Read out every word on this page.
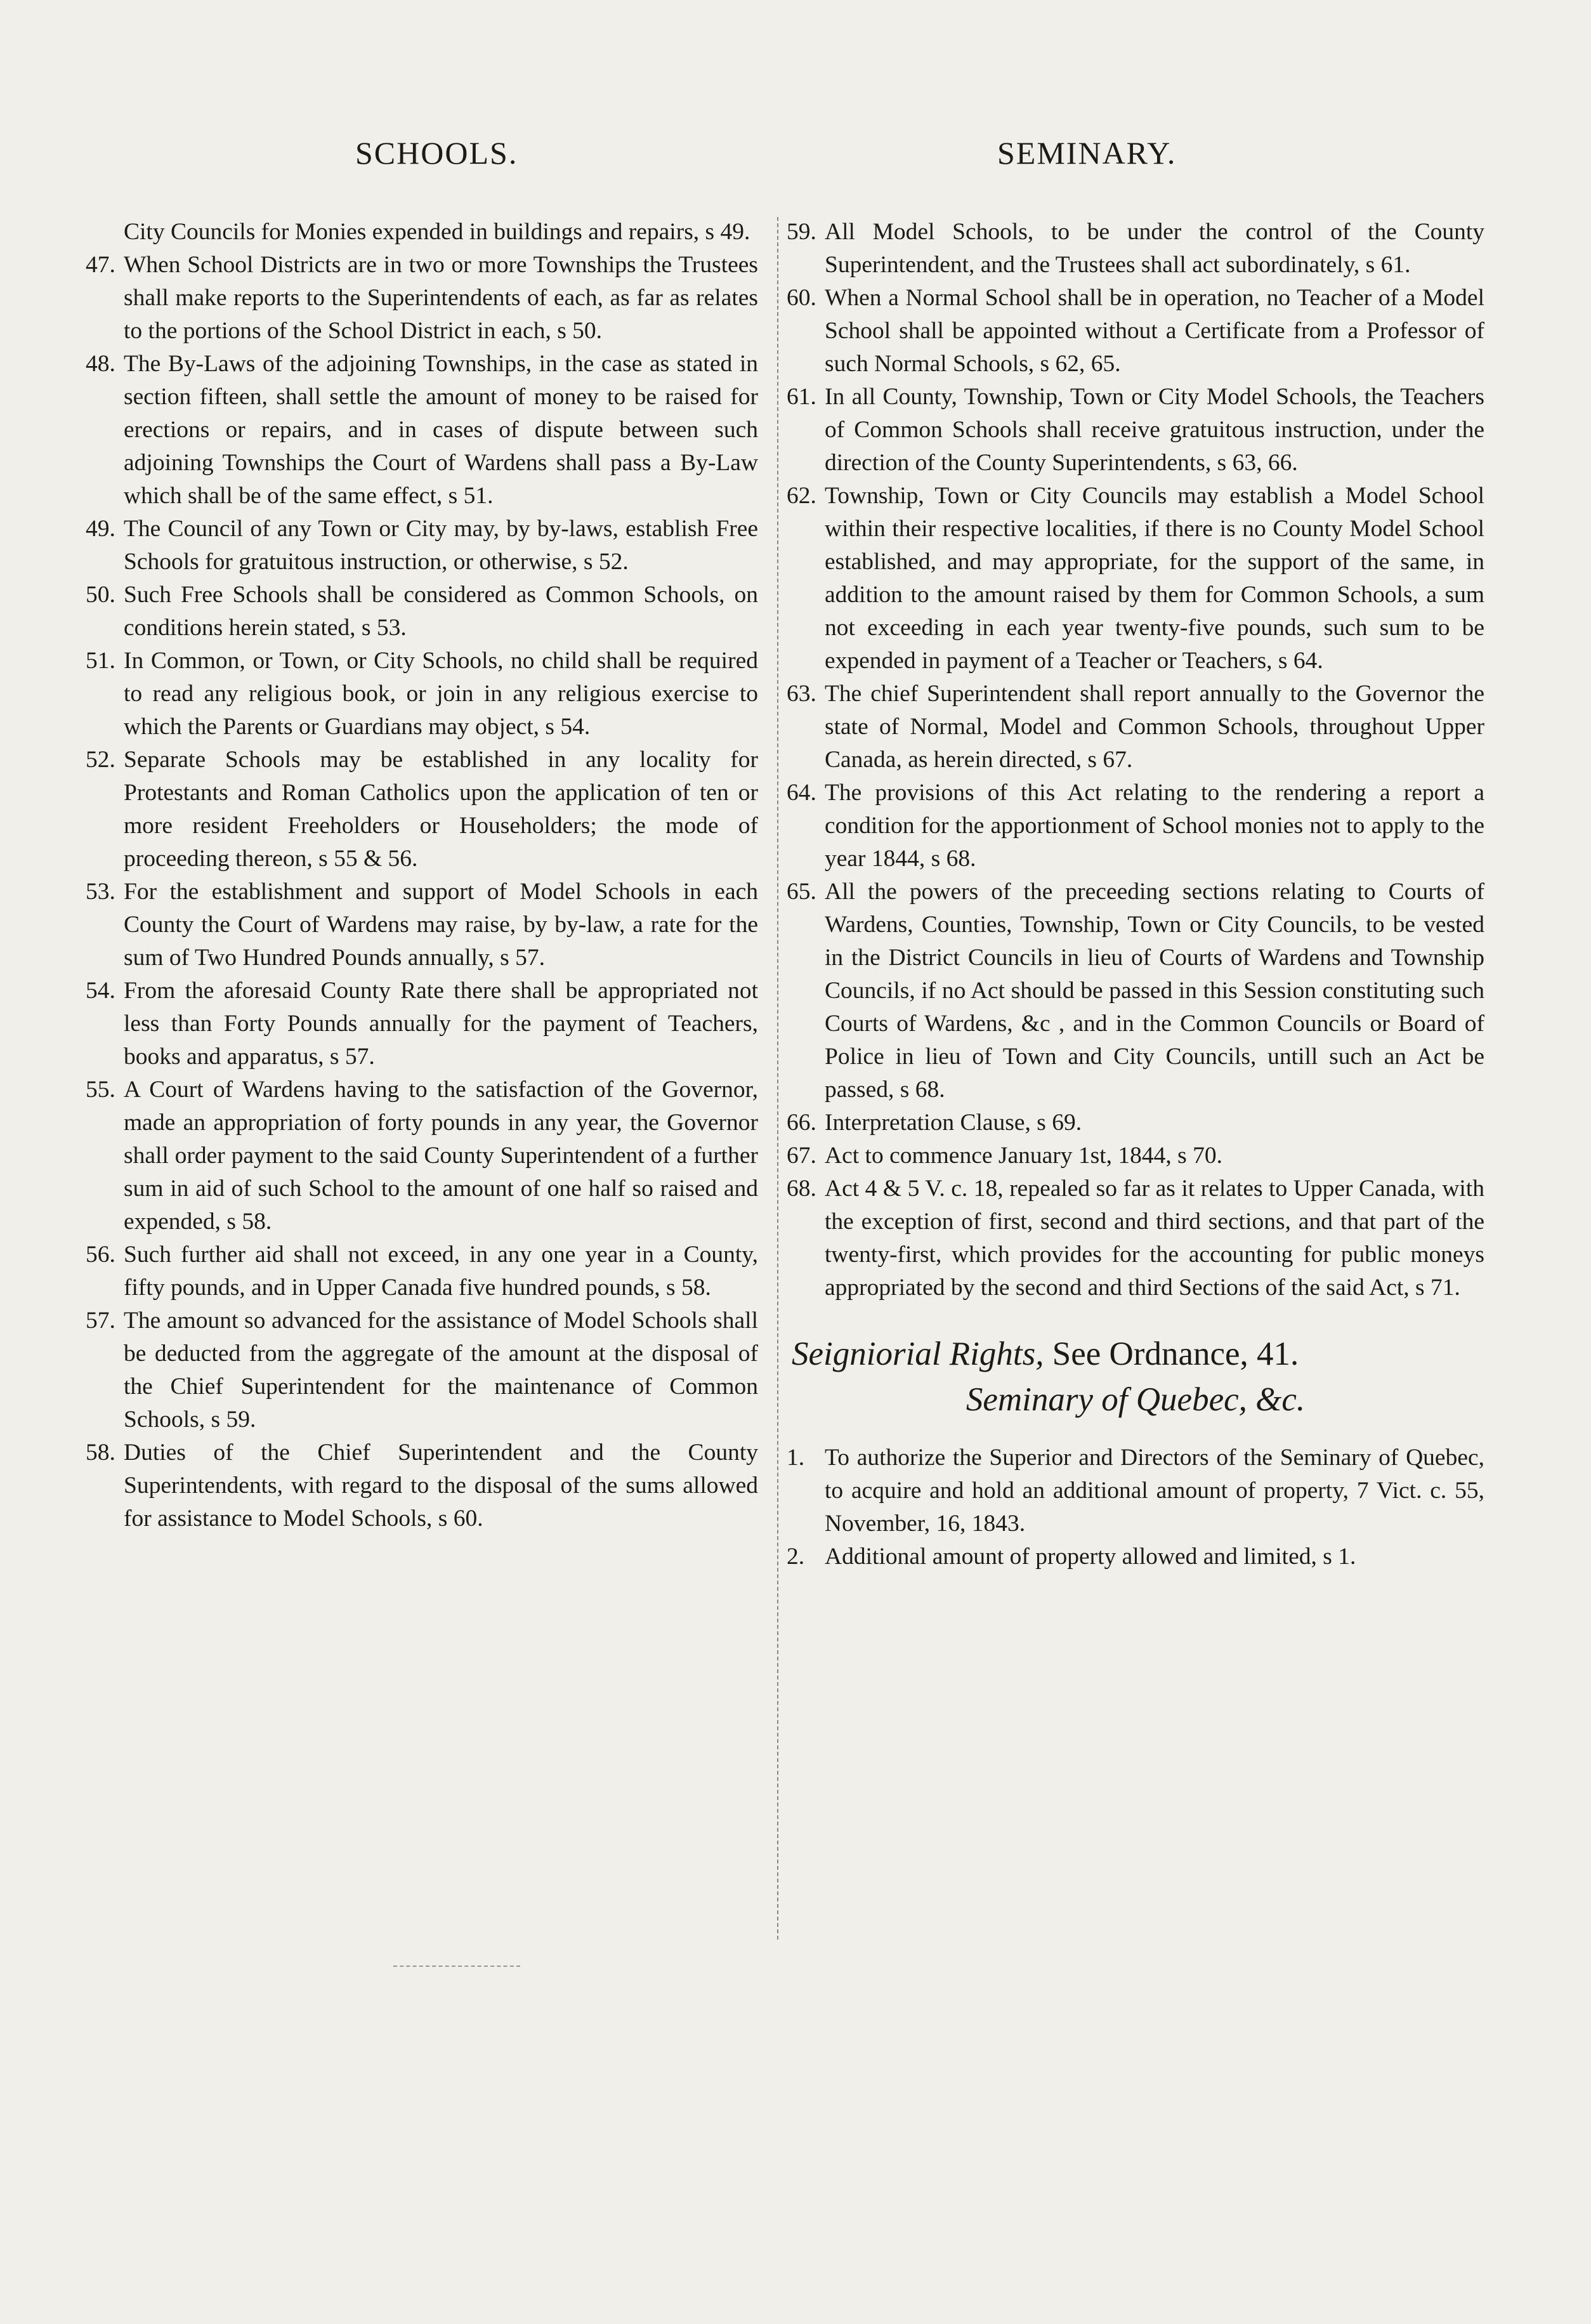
SCHOOLS.	SEMINARY.

City Councils for Monies expended in buildings and repairs, s 49.

47. When School Districts are in two or more Townships the Trustees shall make reports to the Superintendents of each, as far as relates to the portions of the School District in each, s 50.

48. The By-Laws of the adjoining Townships, in the case as stated in section fifteen, shall settle the amount of money to be raised for erections or repairs, and in cases of dispute between such adjoining Townships the Court of Wardens shall pass a By-Law which shall be of the same effect, s 51.

49. The Council of any Town or City may, by by-laws, establish Free Schools for gratuitous instruction, or otherwise, s 52.

50. Such Free Schools shall be considered as Common Schools, on conditions herein stated, s 53.

51. In Common, or Town, or City Schools, no child shall be required to read any religious book, or join in any religious exercise to which the Parents or Guardians may object, s 54.

52. Separate Schools may be established in any locality for Protestants and Roman Catholics upon the application of ten or more resident Freeholders or Householders; the mode of proceeding thereon, s 55 & 56.

53. For the establishment and support of Model Schools in each County the Court of Wardens may raise, by by-law, a rate for the sum of Two Hundred Pounds annually, s 57.

54. From the aforesaid County Rate there shall be appropriated not less than Forty Pounds annually for the payment of Teachers, books and apparatus, s 57.

55. A Court of Wardens having to the satisfaction of the Governor, made an appropriation of forty pounds in any year, the Governor shall order payment to the said County Superintendent of a further sum in aid of such School to the amount of one half so raised and expended, s 58.

56. Such further aid shall not exceed, in any one year in a County, fifty pounds, and in Upper Canada five hundred pounds, s 58.

57. The amount so advanced for the assistance of Model Schools shall be deducted from the aggregate of the amount at the disposal of the Chief Superintendent for the maintenance of Common Schools, s 59.

58. Duties of the Chief Superintendent and the County Superintendents, with regard to the disposal of the sums allowed for assistance to Model Schools, s 60.

59. All Model Schools, to be under the control of the County Superintendent, and the Trustees shall act subordinately, s 61.

60. When a Normal School shall be in operation, no Teacher of a Model School shall be appointed without a Certificate from a Professor of such Normal Schools, s 62, 65.

61. In all County, Township, Town or City Model Schools, the Teachers of Common Schools shall receive gratuitous instruction, under the direction of the County Superintendents, s 63, 66.

62. Township, Town or City Councils may establish a Model School within their respective localities, if there is no County Model School established, and may appropriate, for the support of the same, in addition to the amount raised by them for Common Schools, a sum not exceeding in each year twenty-five pounds, such sum to be expended in payment of a Teacher or Teachers, s 64.

63. The chief Superintendent shall report annually to the Governor the state of Normal, Model and Common Schools, throughout Upper Canada, as herein directed, s 67.

64. The provisions of this Act relating to the rendering a report a condition for the apportionment of School monies not to apply to the year 1844, s 68.

65. All the powers of the preceeding sections relating to Courts of Wardens, Counties, Township, Town or City Councils, to be vested in the District Councils in lieu of Courts of Wardens and Township Councils, if no Act should be passed in this Session constituting such Courts of Wardens, &c , and in the Common Councils or Board of Police in lieu of Town and City Councils, untill such an Act be passed, s 68.

66. Interpretation Clause, s 69.

67. Act to commence January 1st, 1844, s 70.

68. Act 4 & 5 V. c. 18, repealed so far as it relates to Upper Canada, with the exception of first, second and third sections, and that part of the twenty-first, which provides for the accounting for public moneys appropriated by the second and third Sections of the said Act, s 71.

Seigniorial Rights, See Ordnance, 41.

Seminary of Quebec, &c.

1. To authorize the Superior and Directors of the Seminary of Quebec, to acquire and hold an additional amount of property, 7 Vict. c. 55, November, 16, 1843.

2. Additional amount of property allowed and limited, s 1.
